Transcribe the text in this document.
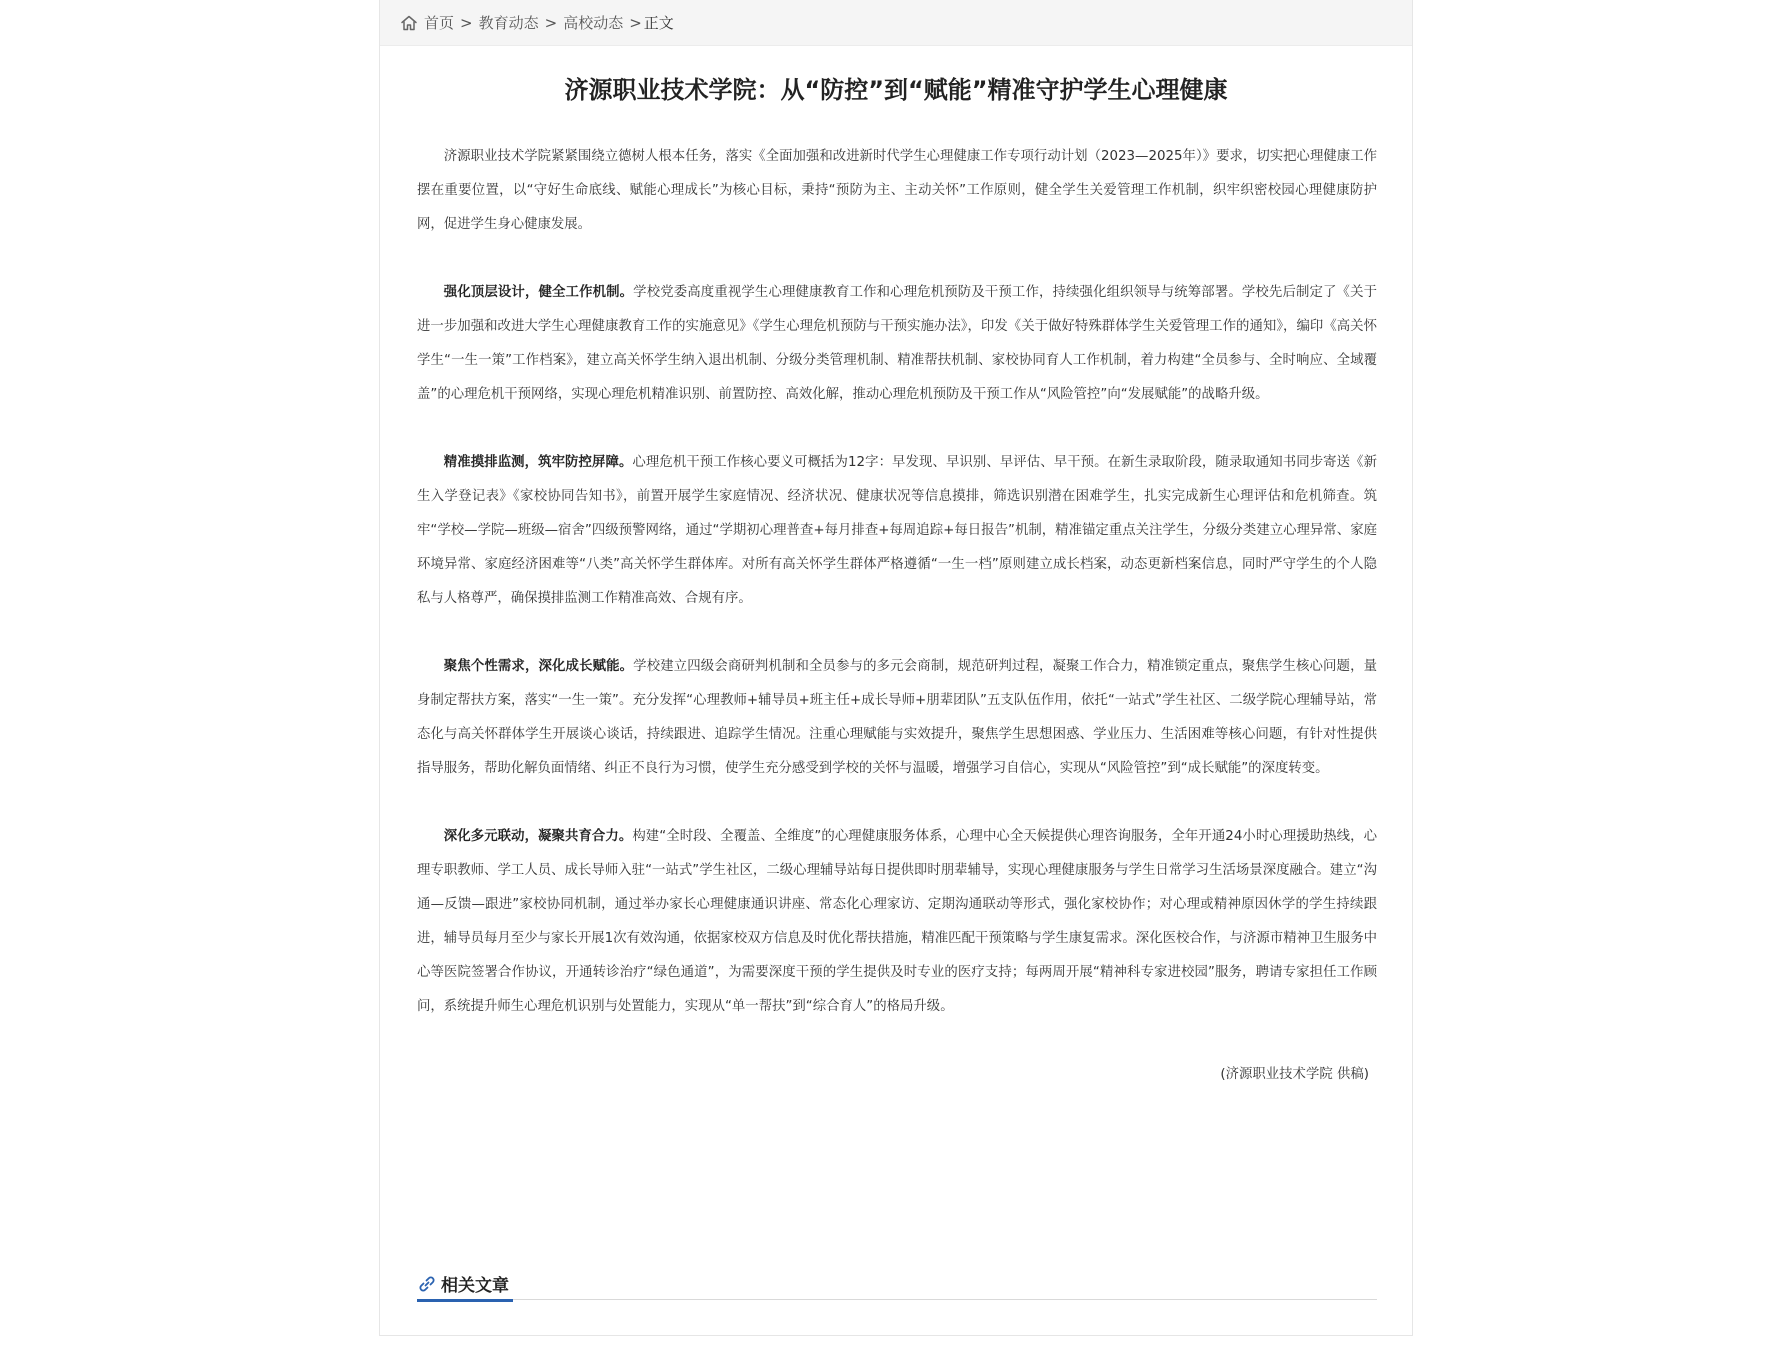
首页 > 教育动态 > 高校动态 > 正文
济源职业技术学院：从“防控”到“赋能”精准守护学生心理健康

济源职业技术学院紧紧围绕立德树人根本任务，落实《全面加强和改进新时代学生心理健康工作专项行动计划（2023—2025年）》要求，切实把心理健康工作摆在重要位置，以“守好生命底线、赋能心理成长”为核心目标，秉持“预防为主、主动关怀”工作原则，健全学生关爱管理工作机制，织牢织密校园心理健康防护网，促进学生身心健康发展。

强化顶层设计，健全工作机制。学校党委高度重视学生心理健康教育工作和心理危机预防及干预工作，持续强化组织领导与统筹部署。学校先后制定了《关于进一步加强和改进大学生心理健康教育工作的实施意见》《学生心理危机预防与干预实施办法》，印发《关于做好特殊群体学生关爱管理工作的通知》，编印《高关怀学生“一生一策”工作档案》，建立高关怀学生纳入退出机制、分级分类管理机制、精准帮扶机制、家校协同育人工作机制，着力构建“全员参与、全时响应、全域覆盖”的心理危机干预网络，实现心理危机精准识别、前置防控、高效化解，推动心理危机预防及干预工作从“风险管控”向“发展赋能”的战略升级。

精准摸排监测，筑牢防控屏障。心理危机干预工作核心要义可概括为12字：早发现、早识别、早评估、早干预。在新生录取阶段，随录取通知书同步寄送《新生入学登记表》《家校协同告知书》，前置开展学生家庭情况、经济状况、健康状况等信息摸排，筛选识别潜在困难学生，扎实完成新生心理评估和危机筛查。筑牢“学校—学院—班级—宿舍”四级预警网络，通过“学期初心理普查+每月排查+每周追踪+每日报告”机制，精准锚定重点关注学生，分级分类建立心理异常、家庭环境异常、家庭经济困难等“八类”高关怀学生群体库。对所有高关怀学生群体严格遵循“一生一档”原则建立成长档案，动态更新档案信息，同时严守学生的个人隐私与人格尊严，确保摸排监测工作精准高效、合规有序。

聚焦个性需求，深化成长赋能。学校建立四级会商研判机制和全员参与的多元会商制，规范研判过程，凝聚工作合力，精准锁定重点，聚焦学生核心问题，量身制定帮扶方案，落实“一生一策”。充分发挥“心理教师+辅导员+班主任+成长导师+朋辈团队”五支队伍作用，依托“一站式”学生社区、二级学院心理辅导站，常态化与高关怀群体学生开展谈心谈话，持续跟进、追踪学生情况。注重心理赋能与实效提升，聚焦学生思想困惑、学业压力、生活困难等核心问题，有针对性提供指导服务，帮助化解负面情绪、纠正不良行为习惯，使学生充分感受到学校的关怀与温暖，增强学习自信心，实现从“风险管控”到“成长赋能”的深度转变。

深化多元联动，凝聚共育合力。构建“全时段、全覆盖、全维度”的心理健康服务体系，心理中心全天候提供心理咨询服务，全年开通24小时心理援助热线，心理专职教师、学工人员、成长导师入驻“一站式”学生社区，二级心理辅导站每日提供即时朋辈辅导，实现心理健康服务与学生日常学习生活场景深度融合。建立“沟通—反馈—跟进”家校协同机制，通过举办家长心理健康通识讲座、常态化心理家访、定期沟通联动等形式，强化家校协作；对心理或精神原因休学的学生持续跟进，辅导员每月至少与家长开展1次有效沟通，依据家校双方信息及时优化帮扶措施，精准匹配干预策略与学生康复需求。深化医校合作，与济源市精神卫生服务中心等医院签署合作协议，开通转诊治疗“绿色通道”，为需要深度干预的学生提供及时专业的医疗支持；每两周开展“精神科专家进校园”服务，聘请专家担任工作顾问，系统提升师生心理危机识别与处置能力，实现从“单一帮扶”到“综合育人”的格局升级。

(济源职业技术学院 供稿)

相关文章
